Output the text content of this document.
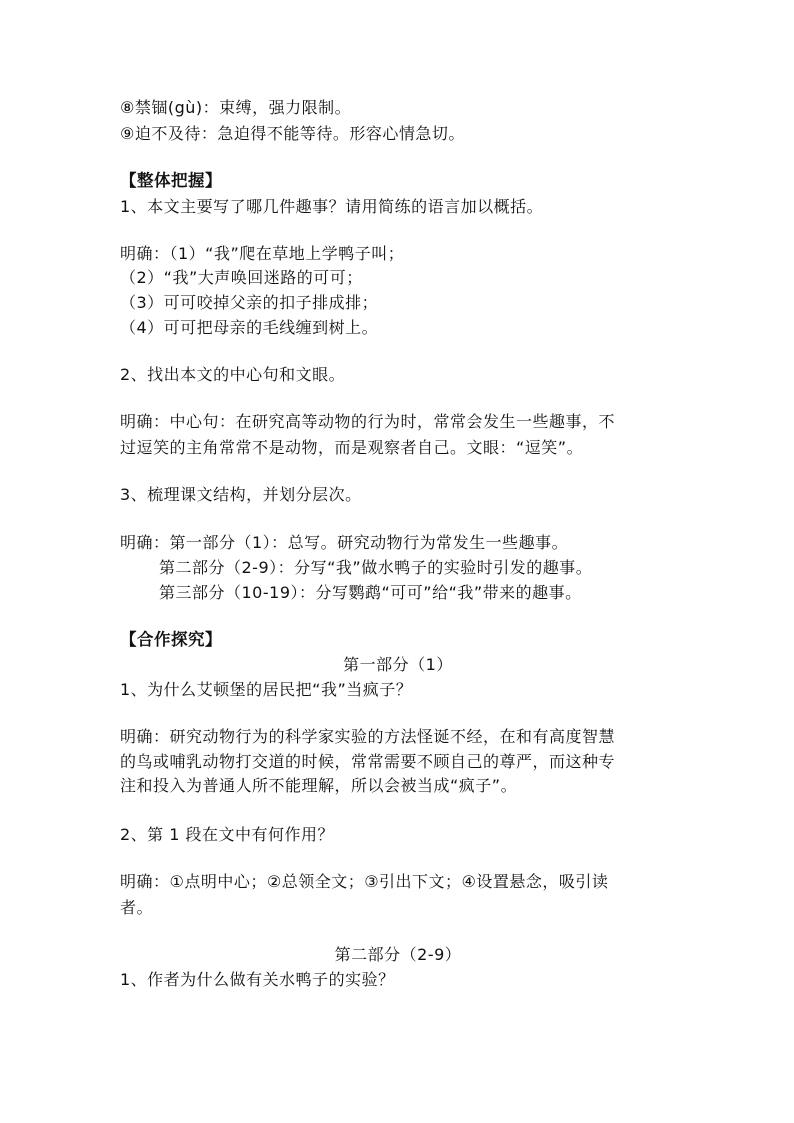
⑧禁锢(gù)：束缚，强力限制。
⑨迫不及待：急迫得不能等待。形容心情急切。
【整体把握】
1、本文主要写了哪几件趣事？请用简练的语言加以概括。
明确：（1）“我”爬在草地上学鸭子叫；
（2）“我”大声唤回迷路的可可；
（3）可可咬掉父亲的扣子排成排；
（4）可可把母亲的毛线缠到树上。
2、找出本文的中心句和文眼。
明确：中心句：在研究高等动物的行为时，常常会发生一些趣事，不
过逗笑的主角常常不是动物，而是观察者自己。文眼：“逗笑”。
3、梳理课文结构，并划分层次。
明确：第一部分（1）：总写。研究动物行为常发生一些趣事。
第二部分（2-9）：分写“我”做水鸭子的实验时引发的趣事。
第三部分（10-19）：分写鹦鹉“可可”给“我”带来的趣事。
【合作探究】
第一部分（1）
1、为什么艾顿堡的居民把“我”当疯子？
明确：研究动物行为的科学家实验的方法怪诞不经，在和有高度智慧
的鸟或哺乳动物打交道的时候，常常需要不顾自己的尊严，而这种专
注和投入为普通人所不能理解，所以会被当成“疯子”。
2、第 1 段在文中有何作用？
明确：①点明中心；②总领全文；③引出下文；④设置悬念，吸引读
者。
第二部分（2-9）
1、作者为什么做有关水鸭子的实验？
